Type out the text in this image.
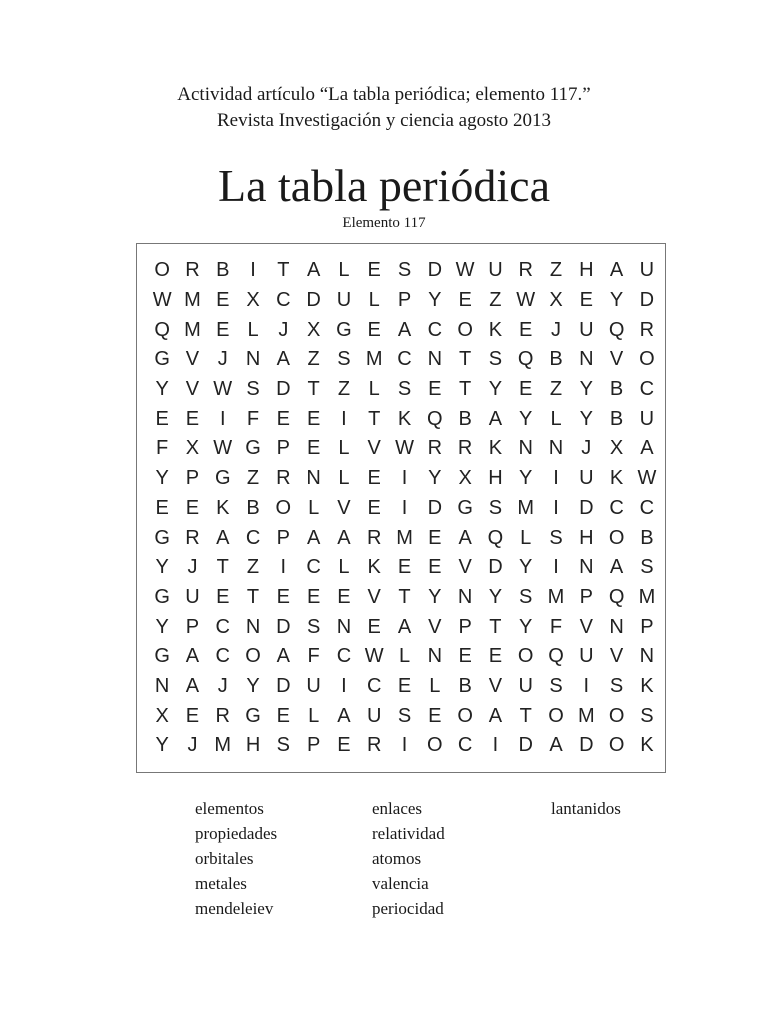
Actividad artículo “La tabla periódica; elemento 117.”
Revista Investigación y ciencia agosto 2013
La tabla periódica
Elemento 117
O R B	I	T A L E S D W U R Z H A U
W M E X C D U L P Y E Z W X E Y D
Q M E L J X G E A C O K E J U Q R
G V J N A Z S M C N T S Q B N V O
Y V W S D T Z L S E T Y E Z Y B C
E E	I	F E E	I	T K Q B A Y L Y B U
F X W G P E L V W R R K N N J X A
Y P G Z R N L E	I	Y X H Y	I	U K W
E E K B O L V E	I	D G S M I	D C C
G R A C P A A R M E A Q L S H O B
Y J T Z	I	C L K E E V D Y	I	N A S
G U E T E E E V T Y N Y S M P Q M
Y P C N D S N E A V P T Y F V N P
G A C O A F C W L N E E O Q U V N
N A J Y D U	I	C E L B V U S	I	S K
X E R G E L A U S E O A T O M O S
Y J M H S P E R	I O C	I	D A D O K
elementos
propiedades
orbitales
metales
mendeleiev
enlaces
relatividad
atomos
valencia
periocidad
lantanidos
